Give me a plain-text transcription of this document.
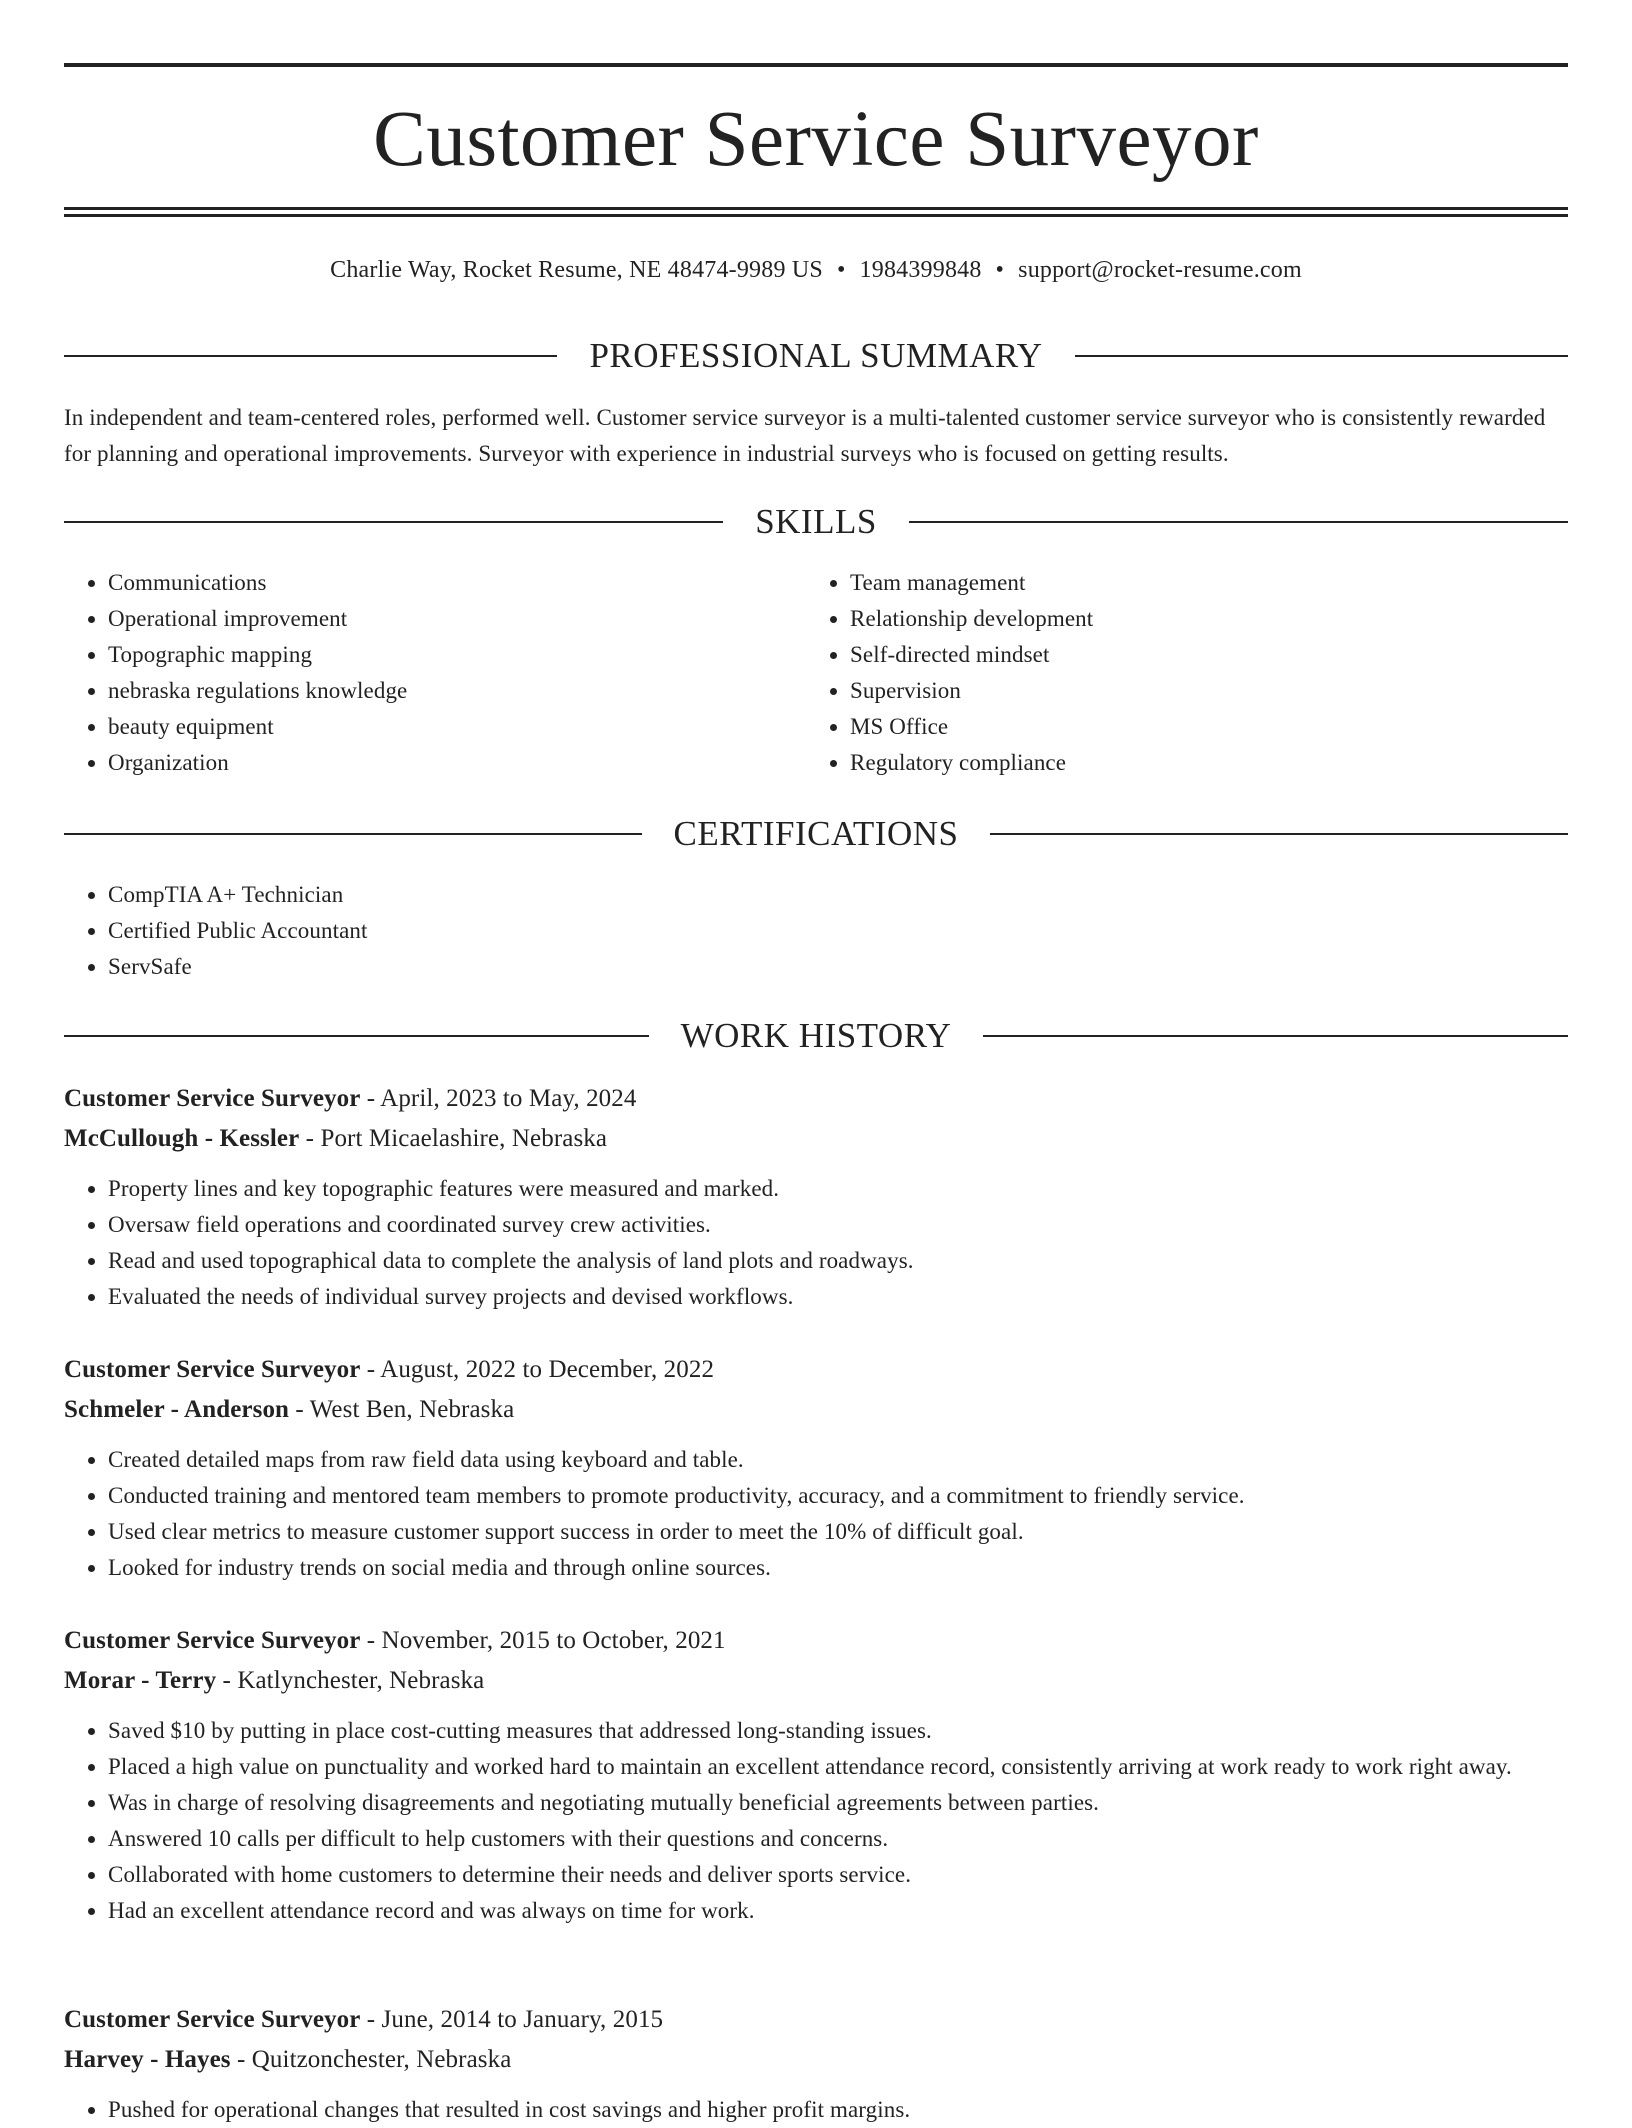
Customer Service Surveyor
Charlie Way, Rocket Resume, NE 48474-9989 US • 1984399848 • support@rocket-resume.com
PROFESSIONAL SUMMARY

In independent and team-centered roles, performed well. Customer service surveyor is a multi-talented customer service surveyor who is consistently rewarded for planning and operational improvements. Surveyor with experience in industrial surveys who is focused on getting results.

SKILLS
• Communications
• Operational improvement
• Topographic mapping
• nebraska regulations knowledge
• beauty equipment
• Organization
• Team management
• Relationship development
• Self-directed mindset
• Supervision
• MS Office
• Regulatory compliance
CERTIFICATIONS
• CompTIA A+ Technician
• Certified Public Accountant
• ServSafe
WORK HISTORY
Customer Service Surveyor - April, 2023 to May, 2024
McCullough - Kessler - Port Micaelashire, Nebraska
• Property lines and key topographic features were measured and marked.
• Oversaw field operations and coordinated survey crew activities.
• Read and used topographical data to complete the analysis of land plots and roadways.
• Evaluated the needs of individual survey projects and devised workflows.
Customer Service Surveyor - August, 2022 to December, 2022
Schmeler - Anderson - West Ben, Nebraska
• Created detailed maps from raw field data using keyboard and table.
• Conducted training and mentored team members to promote productivity, accuracy, and a commitment to friendly service.
• Used clear metrics to measure customer support success in order to meet the 10% of difficult goal.
• Looked for industry trends on social media and through online sources.
Customer Service Surveyor - November, 2015 to October, 2021
Morar - Terry - Katlynchester, Nebraska
• Saved $10 by putting in place cost-cutting measures that addressed long-standing issues.
• Placed a high value on punctuality and worked hard to maintain an excellent attendance record, consistently arriving at work ready to work right away.
• Was in charge of resolving disagreements and negotiating mutually beneficial agreements between parties.
• Answered 10 calls per difficult to help customers with their questions and concerns.
• Collaborated with home customers to determine their needs and deliver sports service.
• Had an excellent attendance record and was always on time for work.
Customer Service Surveyor - June, 2014 to January, 2015
Harvey - Hayes - Quitzonchester, Nebraska
• Pushed for operational changes that resulted in cost savings and higher profit margins.
